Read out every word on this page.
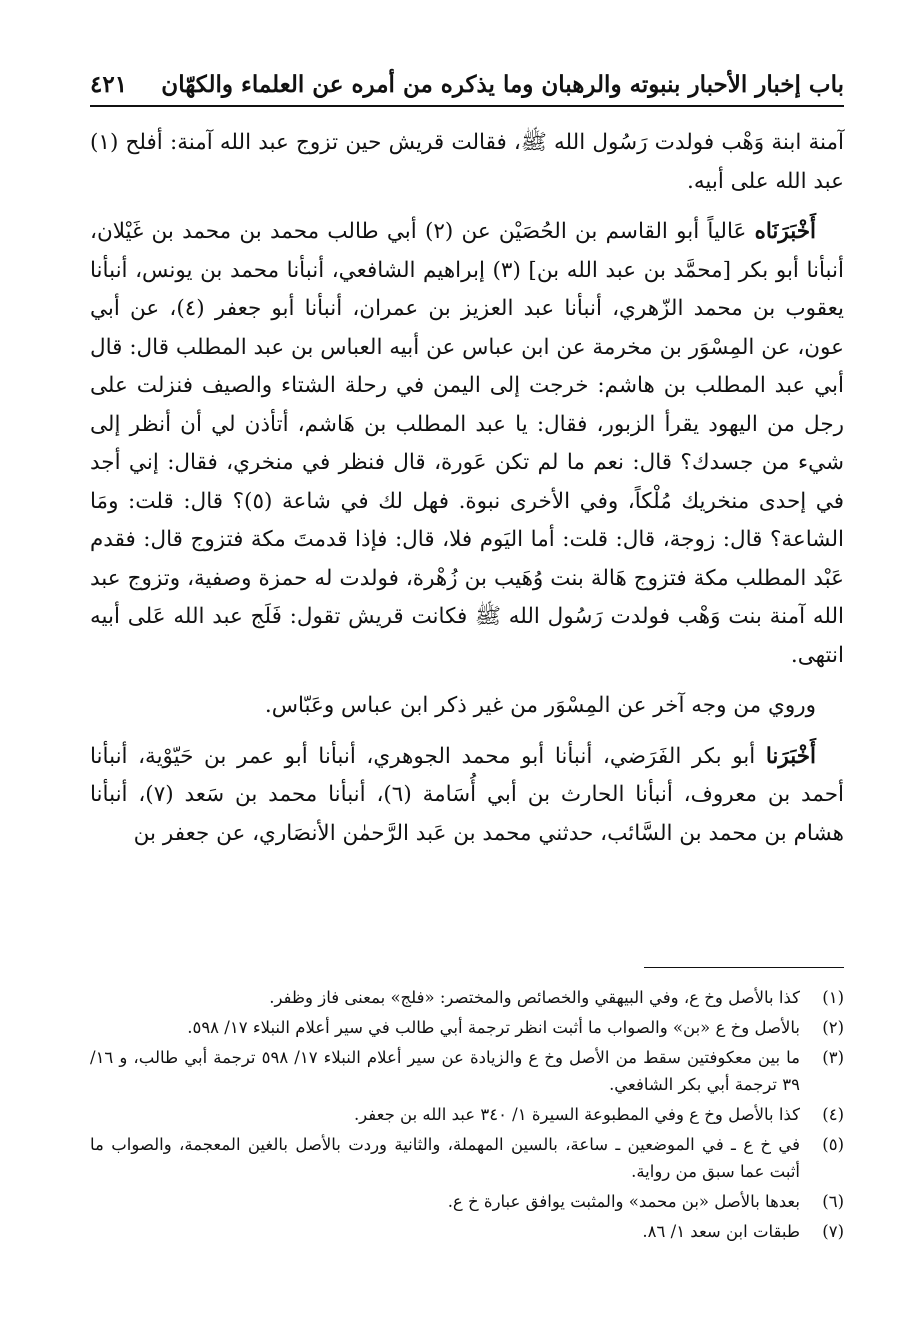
باب إخبار الأحبار بنبوته والرهبان وما يذكره من أمره عن العلماء والكهّان
٤٢١

آمنة ابنة وَهْب فولدت رَسُول الله ﷺ، فقالت قريش حين تزوج عبد الله آمنة: أفلح (١) عبد الله على أبيه.

أَخْبَرَنَاه عَالياً أبو القاسم بن الحُصَيْن عن (٢) أبي طالب محمد بن محمد بن غَيْلان، أنبأنا أبو بكر [محمَّد بن عبد الله بن] (٣) إبراهيم الشافعي، أنبأنا محمد بن يونس، أنبأنا يعقوب بن محمد الزّهري، أنبأنا عبد العزيز بن عمران، أنبأنا أبو جعفر (٤)، عن أبي عون، عن المِسْوَر بن مخرمة عن ابن عباس عن أبيه العباس بن عبد المطلب قال: قال أبي عبد المطلب بن هاشم: خرجت إلى اليمن في رحلة الشتاء والصيف فنزلت على رجل من اليهود يقرأ الزبور، فقال: يا عبد المطلب بن هَاشم، أتأذن لي أن أنظر إلى شيء من جسدك؟ قال: نعم ما لم تكن عَورة، قال فنظر في منخري، فقال: إني أجد في إحدى منخريك مُلْكاً، وفي الأخرى نبوة. فهل لك في شاعة (٥)؟ قال: قلت: ومَا الشاعة؟ قال: زوجة، قال: قلت: أما اليَوم فلا، قال: فإذا قدمتَ مكة فتزوج قال: فقدم عَبْد المطلب مكة فتزوج هَالة بنت وُهَيب بن زُهْرة، فولدت له حمزة وصفية، وتزوج عبد الله آمنة بنت وَهْب فولدت رَسُول الله ﷺ فكانت قريش تقول: فَلَج عبد الله عَلى أبيه انتهى.

وروي من وجه آخر عن المِسْوَر من غير ذكر ابن عباس وعَبّاس.

أَخْبَرَنا أبو بكر الفَرَضي، أنبأنا أبو محمد الجوهري، أنبأنا أبو عمر بن حَيّوْية، أنبأنا أحمد بن معروف، أنبأنا الحارث بن أبي أُسَامة (٦)، أنبأنا محمد بن سَعد (٧)، أنبأنا هشام بن محمد بن السَّائب، حدثني محمد بن عَبد الرَّحمٰن الأنصَاري، عن جعفر بن

(١)
كذا بالأصل وخ ع، وفي البيهقي والخصائص والمختصر: «فلج» بمعنى فاز وظفر.
(٢)
بالأصل وخ ع «بن» والصواب ما أثبت انظر ترجمة أبي طالب في سير أعلام النبلاء ١٧/ ٥٩٨.
(٣)
ما بين معكوفتين سقط من الأصل وخ ع والزيادة عن سير أعلام النبلاء ١٧/ ٥٩٨ ترجمة أبي طالب، و ١٦/ ٣٩ ترجمة أبي بكر الشافعي.
(٤)
كذا بالأصل وخ ع وفي المطبوعة السيرة ١/ ٣٤٠ عبد الله بن جعفر.
(٥)
في خ ع ـ في الموضعين ـ ساعة، بالسين المهملة، والثانية وردت بالأصل بالغين المعجمة، والصواب ما أثبت عما سبق من رواية.
(٦)
بعدها بالأصل «بن محمد» والمثبت يوافق عبارة خ ع.
(٧)
طبقات ابن سعد ١/ ٨٦.
